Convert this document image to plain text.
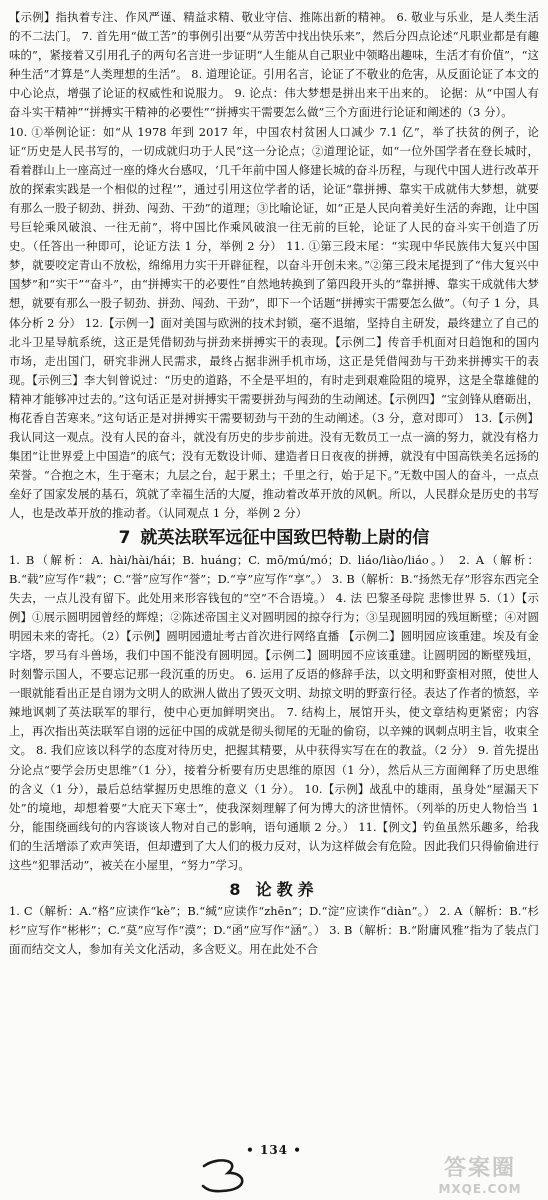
【示例】指执着专注、作风严谨、精益求精、敬业守信、推陈出新的精神。 6. 敬业与乐业，是人类生活的不二法门。 7. 首先用“做工苦”的事例引出要“从劳苦中找出快乐来”，然后分四点论述“凡职业都是有趣味的”，紧接着又引用孔子的两句名言进一步证明“人生能从自己职业中领略出趣味，生活才有价值”，“这种生活”才算是“人类理想的生活”。 8. 道理论证。引用名言，论证了不敬业的危害，从反面论证了本文的中心论点，增强了论证的权威性和说服力。 9. 论点：伟大梦想是拼出来干出来的。 论据：从“中国人有奋斗实干精神”“拼搏实干精神的必要性”“拼搏实干需要怎么做”三个方面进行论证和阐述的（3 分）。

10. ①举例论证：如“从 1978 年到 2017 年，中国农村贫困人口减少 7.1 亿”，举了扶贫的例子，论证“历史是人民书写的，一切成就归功于人民”这一分论点；②道理论证，如“一位外国学者在登长城时，看着群山上一座高过一座的烽火台感叹，‘几千年前中国人修建长城的奋斗历程，与现代中国人进行改革开放的探索实践是一个相似的过程’”，通过引用这位学者的话，论证“靠拼搏、靠实干成就伟大梦想，就要有那么一股子韧劲、拼劲、闯劲、干劲”的道理；③比喻论证，如“正是人民向着美好生活的奔跑，让中国号巨轮乘风破浪、一往无前”，将中国比作乘风破浪一往无前的巨轮，论证了人民的奋斗实干创造了历史。（任答出一种即可，论证方法 1 分，举例 2 分） 11. ①第三段末尾：“实现中华民族伟大复兴中国梦，就要咬定青山不放松，绵绵用力实干开辟征程，以奋斗开创未来。”②第三段末尾提到了“伟大复兴中国梦”和“实干”“奋斗”，由“拼搏实干的必要性”自然地转换到了第四段开头的“靠拼搏、靠实干成就伟大梦想，就要有那么一股子韧劲、拼劲、闯劲、干劲”，即下一个话题“拼搏实干需要怎么做”。（句子 1 分，具体分析 2 分） 12.【示例一】面对美国与欧洲的技术封锁，毫不退缩，坚持自主研发，最终建立了自己的北斗卫星导航系统，这正是凭借韧劲与拼劲来拼搏实干的表现。【示例二】传音手机面对日趋饱和的国内市场，走出国门，研究非洲人民需求，最终占据非洲手机市场，这正是凭借闯劲与干劲来拼搏实干的表现。【示例三】李大钊曾说过：“历史的道路，不全是平坦的，有时走到艰难险阻的境界，这是全靠雄健的精神才能够冲过去的。”这句话正是对拼搏实干需要拼劲与闯劲的生动阐述。【示例四】“宝剑锋从磨砺出，梅花香自苦寒来。”这句话正是对拼搏实干需要韧劲与干劲的生动阐述。（3 分，意对即可） 13.【示例】我认同这一观点。没有人民的奋斗，就没有历史的步步前进。没有无数员工一点一滴的努力，就没有格力集团“让世界爱上中国造”的底气；没有无数设计师、建造者日日夜夜的拼搏，就没有中国高铁美名远扬的荣誉。“合抱之木，生于毫末；九层之台，起于累土；千里之行，始于足下。”无数中国人的奋斗，一点点垒好了国家发展的基石，筑就了幸福生活的大厦，推动着改革开放的风帆。所以，人民群众是历史的书写人，也是改革开放的推动者。（认同观点 1 分，举例 2 分）

7 就英法联军远征中国致巴特勒上尉的信

1. B（解析：A. hài/hài/hái；B. huáng；C. mō/mú/mó；D. liáo/liào/liáo。） 2. A（解析：B.“载”应写作“栽”；C.“誉”应写作“誉”；D.“亨”应写作“享”。） 3. B（解析：B.“扬然无存”形容东西完全失去，一点儿没有留下。此处用来形容钱包的“空”不合语境。） 4. 法 巴黎圣母院 悲惨世界 5.（1）【示例】①展示圆明园曾经的辉煌；②陈述帝国主义对圆明园的掠夺行为；③呈现圆明园的残垣断壁；④对圆明园未来的寄托。（2）【示例】圆明园遗址考古首次进行网络直播 【示例二】圆明园应该重建。埃及有金字塔，罗马有斗兽场，我们中国不能没有圆明园。【示例二】圆明园不应该重建。让圆明园的断壁残垣，时刻警示国人，不要忘记那一段沉重的历史。 6. 运用了反语的修辞手法，以文明和野蛮相对照，使世人一眼就能看出正是自诩为文明人的欧洲人做出了毁灭文明、劫掠文明的野蛮行径。表达了作者的愤怒，辛辣地讽刺了英法联军的罪行，使中心更加鲜明突出。 7. 结构上，展馆开头，使文章结构更紧密；内容上，再次指出英法联军自诩的远征中国的成就是彻头彻尾的无耻的偷窃，以辛辣的讽刺点明主旨，收束全文。 8. 我们应该以科学的态度对待历史，把握其精要，从中获得实写在在的教益。（2 分） 9. 首先提出分论点“要学会历史思维”（1 分），接着分析要有历史思维的原因（1 分），然后从三方面阐释了历史思维的含义（1 分），最后总结掌握历史思维的意义（1 分）。 10.【示例】战乱中的雄雨，虽身处“屋漏天下处”的境地，却想着要“大庇天下寒士”，使我深刻理解了何为博大的济世情怀。（列举的历史人物恰当 1 分，能围绕画线句的内容谈该人物对自己的影响，语句通顺 2 分。） 11.【例文】钓鱼虽然乐趣多，给我们的生活增添了欢声笑语，但却遭到了大人们的极力反对，认为这样做会有危险。因此我们只得偷偷进行这些“犯罪活动”，被关在小屋里，“努力”学习。

8 论教养

1. C（解析：A.“格”应读作“kè”；B.“缄”应读作“zhēn”；D.“淀”应读作“diàn”。） 2. A（解析：B.“杉杉”应写作“彬彬”；C.“莫”应写作“漠”；D.“函”应写作“涵”。） 3. B（解析：B.“附庸风雅”指为了装点门面而结交文人，参加有关文化活动，多含贬义。用在此处不合

• 134 •
答案圈
MXQE.COM
